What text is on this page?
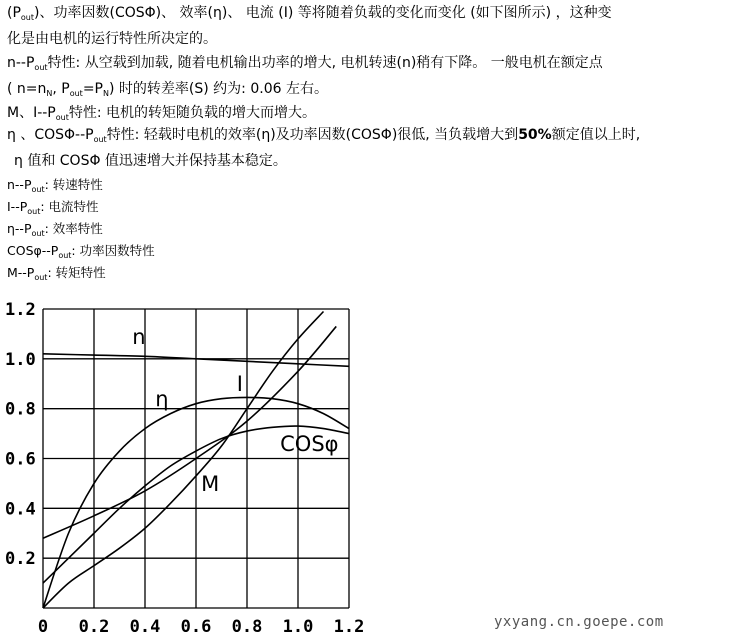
$(P_{out})$、功率因数(COSΦ)、 效率(η)、 电流 (I) 等将随着负载的变化而变化 (如下图所示) ，这种变
化是由电机的运行特性所决定的。
$n--P_{out}$特性: 从空载到加载, 随着电机输出功率的增大, 电机转速(n)稍有下降。 一般电机在额定点
( $n=n_N$, $P_{out}=P_N$) 时的转差率(S) 约为: 0.06 左右。
M、$I--P_{out}$特性: 电机的转矩随负载的增大而增大。
η 、COSΦ-$-P_{out}$特性: 轻载时电机的效率(η)及功率因数(COSΦ)很低, 当负载增大到50%额定值以上时,
η 值和 COSΦ 值迅速增大并保持基本稳定。
$n--P_{out}$: 转速特性
$I--P_{out}$: 电流特性
$\eta--P_{out}$: 效率特性
COSφ-$-P_{out}$: 功率因数特性
$M--P_{out}$: 转矩特性
1.2
1.0
0.8
0.6
0.4
0.2
0 0.2 0.4 0.6 0.8 1.0 1.2
n
η
I
COSφ
M
yxyang.cn.goepe.com
